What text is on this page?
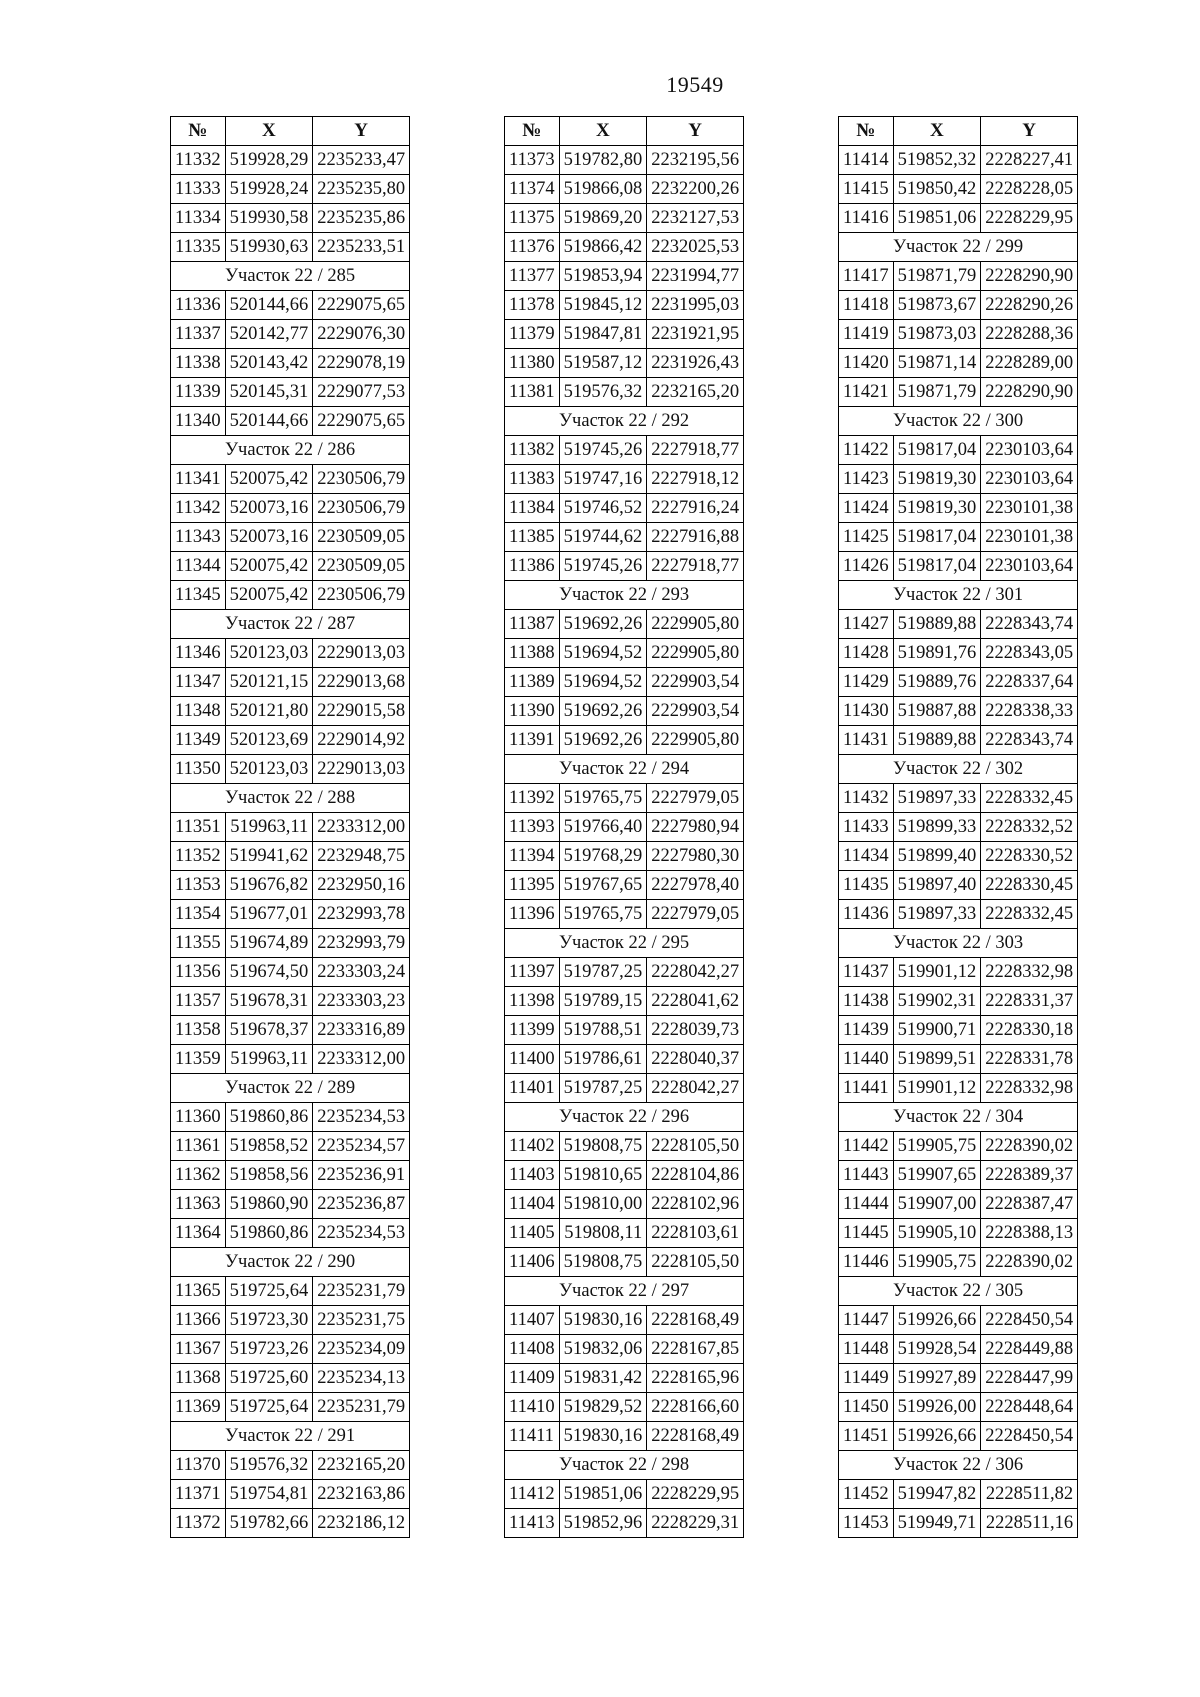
19549
№	X	Y
11332	519928,29	2235233,47
11333	519928,24	2235235,80
11334	519930,58	2235235,86
11335	519930,63	2235233,51
Участок 22 / 285		
11336	520144,66	2229075,65
11337	520142,77	2229076,30
11338	520143,42	2229078,19
11339	520145,31	2229077,53
11340	520144,66	2229075,65
Участок 22 / 286		
11341	520075,42	2230506,79
11342	520073,16	2230506,79
11343	520073,16	2230509,05
11344	520075,42	2230509,05
11345	520075,42	2230506,79
Участок 22 / 287		
11346	520123,03	2229013,03
11347	520121,15	2229013,68
11348	520121,80	2229015,58
11349	520123,69	2229014,92
11350	520123,03	2229013,03
Участок 22 / 288		
11351	519963,11	2233312,00
11352	519941,62	2232948,75
11353	519676,82	2232950,16
11354	519677,01	2232993,78
11355	519674,89	2232993,79
11356	519674,50	2233303,24
11357	519678,31	2233303,23
11358	519678,37	2233316,89
11359	519963,11	2233312,00
Участок 22 / 289		
11360	519860,86	2235234,53
11361	519858,52	2235234,57
11362	519858,56	2235236,91
11363	519860,90	2235236,87
11364	519860,86	2235234,53
Участок 22 / 290		
11365	519725,64	2235231,79
11366	519723,30	2235231,75
11367	519723,26	2235234,09
11368	519725,60	2235234,13
11369	519725,64	2235231,79
Участок 22 / 291		
11370	519576,32	2232165,20
11371	519754,81	2232163,86
11372	519782,66	2232186,12
№	X	Y
11373	519782,80	2232195,56
11374	519866,08	2232200,26
11375	519869,20	2232127,53
11376	519866,42	2232025,53
11377	519853,94	2231994,77
11378	519845,12	2231995,03
11379	519847,81	2231921,95
11380	519587,12	2231926,43
11381	519576,32	2232165,20
Участок 22 / 292		
11382	519745,26	2227918,77
11383	519747,16	2227918,12
11384	519746,52	2227916,24
11385	519744,62	2227916,88
11386	519745,26	2227918,77
Участок 22 / 293		
11387	519692,26	2229905,80
11388	519694,52	2229905,80
11389	519694,52	2229903,54
11390	519692,26	2229903,54
11391	519692,26	2229905,80
Участок 22 / 294		
11392	519765,75	2227979,05
11393	519766,40	2227980,94
11394	519768,29	2227980,30
11395	519767,65	2227978,40
11396	519765,75	2227979,05
Участок 22 / 295		
11397	519787,25	2228042,27
11398	519789,15	2228041,62
11399	519788,51	2228039,73
11400	519786,61	2228040,37
11401	519787,25	2228042,27
Участок 22 / 296		
11402	519808,75	2228105,50
11403	519810,65	2228104,86
11404	519810,00	2228102,96
11405	519808,11	2228103,61
11406	519808,75	2228105,50
Участок 22 / 297		
11407	519830,16	2228168,49
11408	519832,06	2228167,85
11409	519831,42	2228165,96
11410	519829,52	2228166,60
11411	519830,16	2228168,49
Участок 22 / 298		
11412	519851,06	2228229,95
11413	519852,96	2228229,31
№	X	Y
11414	519852,32	2228227,41
11415	519850,42	2228228,05
11416	519851,06	2228229,95
Участок 22 / 299		
11417	519871,79	2228290,90
11418	519873,67	2228290,26
11419	519873,03	2228288,36
11420	519871,14	2228289,00
11421	519871,79	2228290,90
Участок 22 / 300		
11422	519817,04	2230103,64
11423	519819,30	2230103,64
11424	519819,30	2230101,38
11425	519817,04	2230101,38
11426	519817,04	2230103,64
Участок 22 / 301		
11427	519889,88	2228343,74
11428	519891,76	2228343,05
11429	519889,76	2228337,64
11430	519887,88	2228338,33
11431	519889,88	2228343,74
Участок 22 / 302		
11432	519897,33	2228332,45
11433	519899,33	2228332,52
11434	519899,40	2228330,52
11435	519897,40	2228330,45
11436	519897,33	2228332,45
Участок 22 / 303		
11437	519901,12	2228332,98
11438	519902,31	2228331,37
11439	519900,71	2228330,18
11440	519899,51	2228331,78
11441	519901,12	2228332,98
Участок 22 / 304		
11442	519905,75	2228390,02
11443	519907,65	2228389,37
11444	519907,00	2228387,47
11445	519905,10	2228388,13
11446	519905,75	2228390,02
Участок 22 / 305		
11447	519926,66	2228450,54
11448	519928,54	2228449,88
11449	519927,89	2228447,99
11450	519926,00	2228448,64
11451	519926,66	2228450,54
Участок 22 / 306		
11452	519947,82	2228511,82
11453	519949,71	2228511,16
